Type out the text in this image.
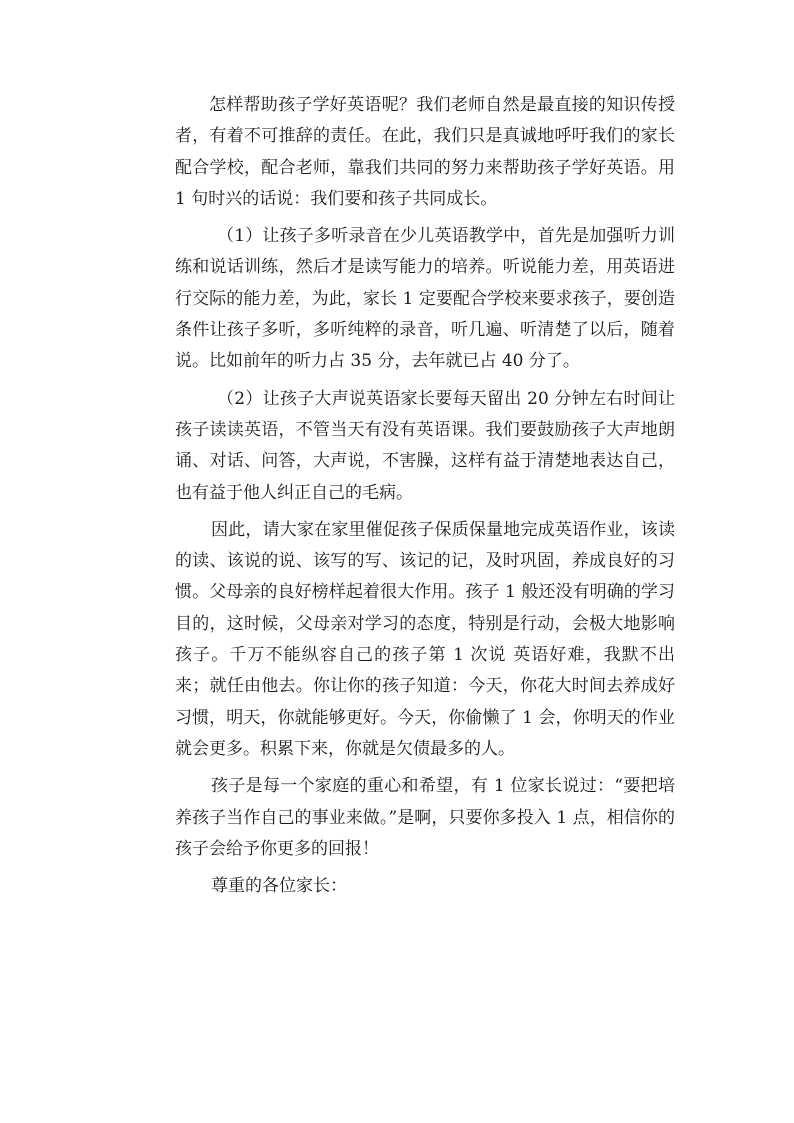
怎样帮助孩子学好英语呢？我们老师自然是最直接的知识传授者，有着不可推辞的责任。在此，我们只是真诚地呼吁我们的家长配合学校，配合老师，靠我们共同的努力来帮助孩子学好英语。用 1 句时兴的话说：我们要和孩子共同成长。

（1）让孩子多听录音在少儿英语教学中，首先是加强听力训练和说话训练，然后才是读写能力的培养。听说能力差，用英语进行交际的能力差，为此，家长 1 定要配合学校来要求孩子，要创造条件让孩子多听，多听纯粹的录音，听几遍、听清楚了以后，随着说。比如前年的听力占 35 分，去年就已占 40 分了。

（2）让孩子大声说英语家长要每天留出 20 分钟左右时间让孩子读读英语，不管当天有没有英语课。我们要鼓励孩子大声地朗诵、对话、问答，大声说，不害臊，这样有益于清楚地表达自己，也有益于他人纠正自己的毛病。

因此，请大家在家里催促孩子保质保量地完成英语作业，该读的读、该说的说、该写的写、该记的记，及时巩固，养成良好的习惯。父母亲的良好榜样起着很大作用。孩子 1 般还没有明确的学习目的，这时候，父母亲对学习的态度，特别是行动，会极大地影响孩子。千万不能纵容自己的孩子第 1 次说 英语好难，我默不出来；就任由他去。你让你的孩子知道：今天，你花大时间去养成好习惯，明天，你就能够更好。今天，你偷懒了 1 会，你明天的作业就会更多。积累下来，你就是欠债最多的人。

孩子是每一个家庭的重心和希望，有 1 位家长说过：“要把培养孩子当作自己的事业来做。”是啊，只要你多投入 1 点，相信你的孩子会给予你更多的回报！

尊重的各位家长：
